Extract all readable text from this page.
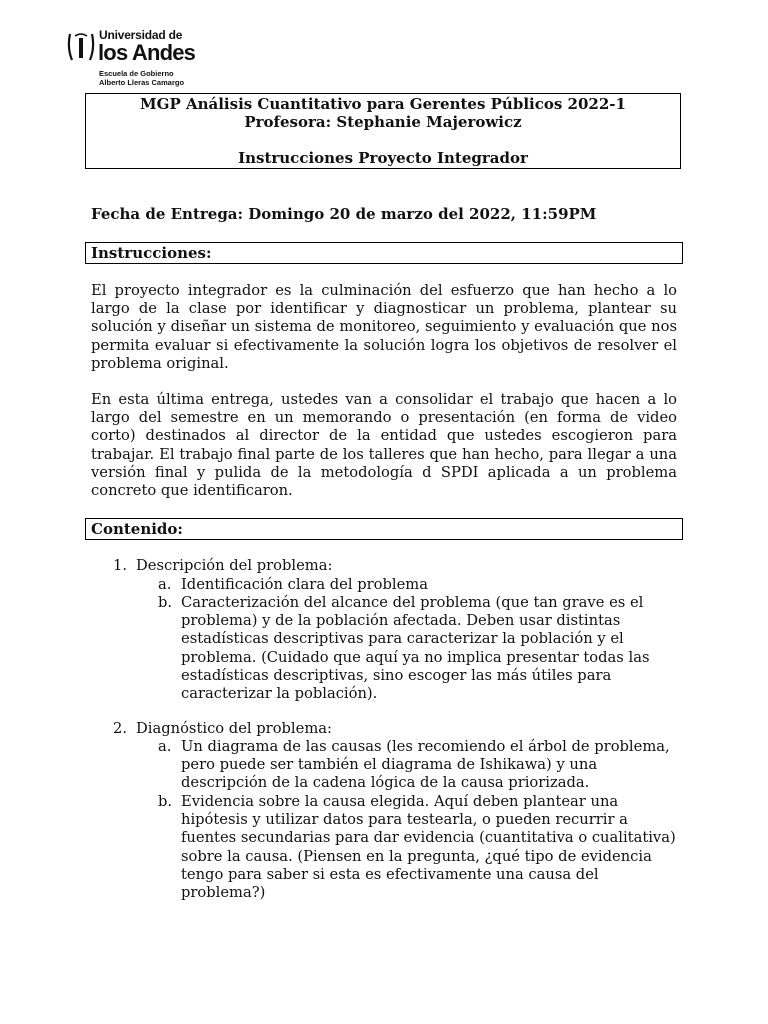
Universidad de
los Andes
Escuela de Gobierno
Alberto Lleras Camargo
MGP Análisis Cuantitativo para Gerentes Públicos 2022-1
Profesora: Stephanie Majerowicz
Instrucciones Proyecto Integrador
Fecha de Entrega: Domingo 20 de marzo del 2022, 11:59PM
Instrucciones:

El proyecto integrador es la culminación del esfuerzo que han hecho a lo largo de la clase por identificar y diagnosticar un problema, plantear su solución y diseñar un sistema de monitoreo, seguimiento y evaluación que nos permita evaluar si efectivamente la solución logra los objetivos de resolver el problema original.

En esta última entrega, ustedes van a consolidar el trabajo que hacen a lo largo del semestre en un memorando o presentación (en forma de video corto) destinados al director de la entidad que ustedes escogieron para trabajar. El trabajo final parte de los talleres que han hecho, para llegar a una versión final y pulida de la metodología d SPDI aplicada a un problema concreto que identificaron.

Contenido:
1. Descripción del problema:
a. Identificación clara del problema

b. Caracterización del alcance del problema (que tan grave es el problema) y de la población afectada. Deben usar distintas estadísticas descriptivas para caracterizar la población y el problema. (Cuidado que aquí ya no implica presentar todas las estadísticas descriptivas, sino escoger las más útiles para caracterizar la población).

2. Diagnóstico del problema:
a. Un diagrama de las causas (les recomiendo el árbol de problema, pero puede ser también el diagrama de Ishikawa) y una descripción de la cadena lógica de la causa priorizada.

b. Evidencia sobre la causa elegida. Aquí deben plantear una hipótesis y utilizar datos para testearla, o pueden recurrir a fuentes secundarias para dar evidencia (cuantitativa o cualitativa) sobre la causa. (Piensen en la pregunta, ¿qué tipo de evidencia tengo para saber si esta es efectivamente una causa del problema?)
